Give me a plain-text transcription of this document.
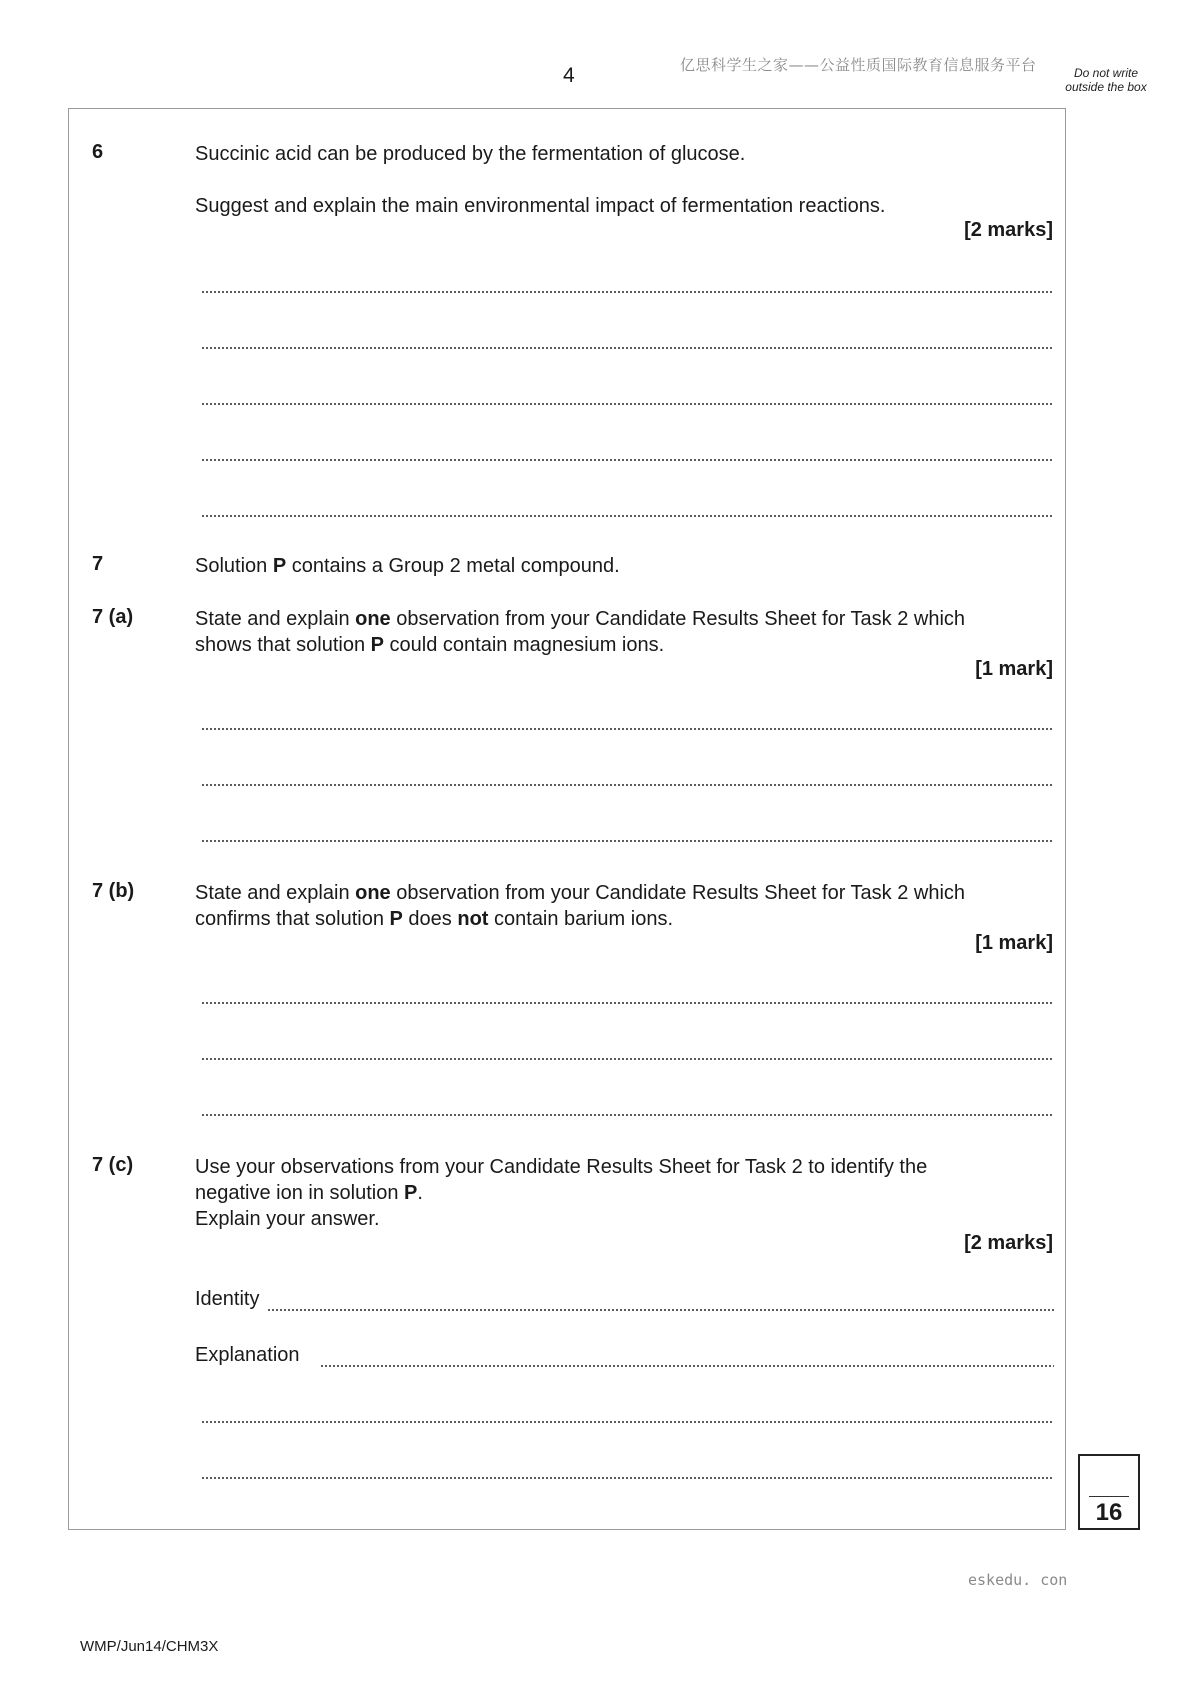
4	亿思科学生之家——公益性质国际教育信息服务平台	Do not write outside the box
6	Succinic acid can be produced by the fermentation of glucose.
Suggest and explain the main environmental impact of fermentation reactions.
[2 marks]
7	Solution P contains a Group 2 metal compound.
7 (a)	State and explain one observation from your Candidate Results Sheet for Task 2 which
shows that solution P could contain magnesium ions.
[1 mark]
7 (b)	State and explain one observation from your Candidate Results Sheet for Task 2 which
confirms that solution P does not contain barium ions.
[1 mark]
7 (c)	Use your observations from your Candidate Results Sheet for Task 2 to identify the
negative ion in solution P.
Explain your answer.
[2 marks]
Identity
Explanation
16
eskedu. con
WMP/Jun14/CHM3X
